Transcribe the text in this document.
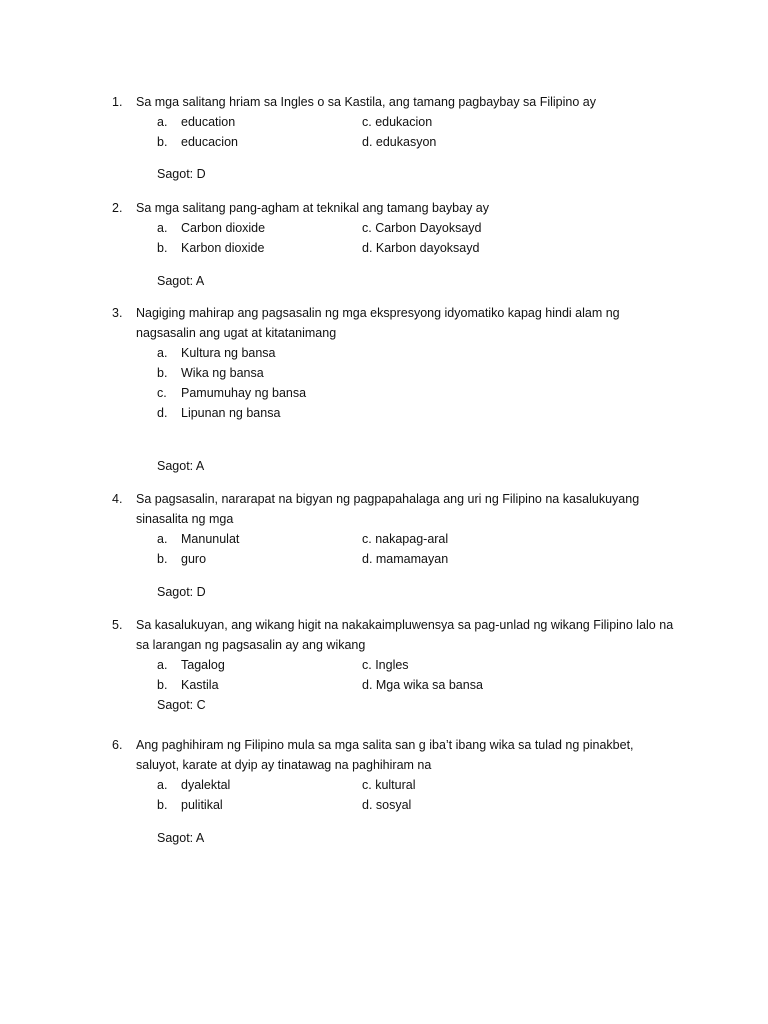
1.	Sa mga salitang hriam sa Ingles o sa Kastila, ang tamang pagbaybay sa Filipino ay
a.	education	c. edukacion
b.	educacion	d. edukasyon
Sagot: D
2.	Sa mga salitang pang-agham at teknikal ang tamang baybay ay
a.	Carbon dioxide	c. Carbon Dayoksayd
b.	Karbon dioxide	d. Karbon dayoksayd
Sagot: A
3.	Nagiging mahirap ang pagsasalin ng mga ekspresyong idyomatiko kapag hindi alam ng
nagsasalin ang ugat at kitatanimang
a.	Kultura ng bansa
b.	Wika ng bansa
c.	Pamumuhay ng bansa
d.	Lipunan ng bansa
Sagot: A
4.	Sa pagsasalin, nararapat na bigyan ng pagpapahalaga ang uri ng Filipino na kasalukuyang
sinasalita ng mga
a.	Manunulat	c. nakapag-aral
b.	guro	d. mamamayan
Sagot: D
5.	Sa kasalukuyan, ang wikang higit na nakakaimpluwensya sa pag-unlad ng wikang Filipino lalo na
sa larangan ng pagsasalin ay ang wikang
a.	Tagalog	c. Ingles
b.	Kastila	d. Mga wika sa bansa
Sagot: C
6.	Ang paghihiram ng Filipino mula sa mga salita san g iba’t ibang wika sa tulad ng pinakbet,
saluyot, karate at dyip ay tinatawag na paghihiram na
a.	dyalektal	c. kultural
b.	pulitikal	d. sosyal
Sagot: A
